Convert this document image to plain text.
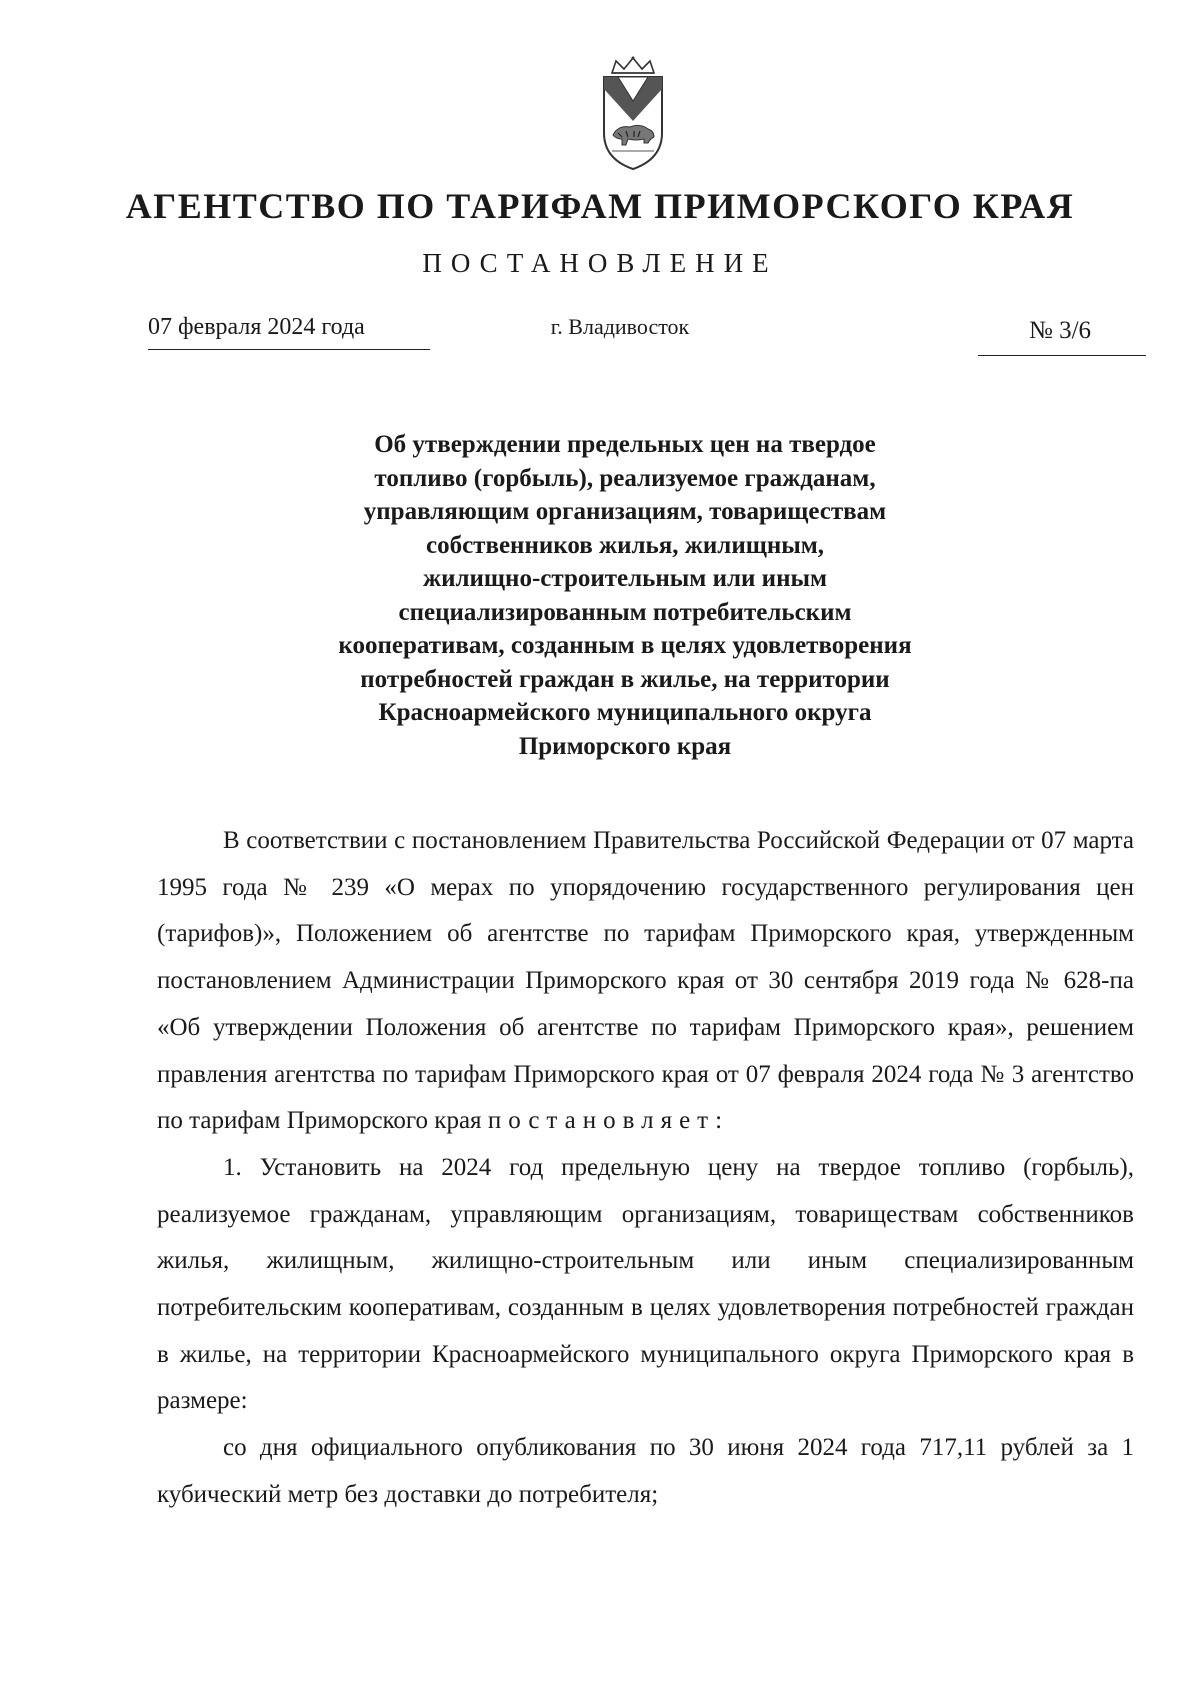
АГЕНТСТВО ПО ТАРИФАМ ПРИМОРСКОГО КРАЯ
ПОСТАНОВЛЕНИЕ
07 февраля 2024 года	г. Владивосток	№ 3/6
Об утверждении предельных цен на твердое
топливо (горбыль), реализуемое гражданам,
управляющим организациям, товариществам
собственников жилья, жилищным,
жилищно-строительным или иным
специализированным потребительским
кооперативам, созданным в целях удовлетворения
потребностей граждан в жилье, на территории
Красноармейского муниципального округа
Приморского края

В соответствии с постановлением Правительства Российской Федерации от 07 марта 1995 года № 239 «О мерах по упорядочению государственного регулирования цен (тарифов)», Положением об агентстве по тарифам Приморского края, утвержденным постановлением Администрации Приморского края от 30 сентября 2019 года № 628-па «Об утверждении Положения об агентстве по тарифам Приморского края», решением правления агентства по тарифам Приморского края от 07 февраля 2024 года № 3 агентство по тарифам Приморского края постановляет:

1. Установить на 2024 год предельную цену на твердое топливо (горбыль), реализуемое гражданам, управляющим организациям, товариществам собственников жилья, жилищным, жилищно-строительным или иным специализированным потребительским кооперативам, созданным в целях удовлетворения потребностей граждан в жилье, на территории Красноармейского муниципального округа Приморского края в размере:

со дня официального опубликования по 30 июня 2024 года 717,11 рублей за 1 кубический метр без доставки до потребителя;
